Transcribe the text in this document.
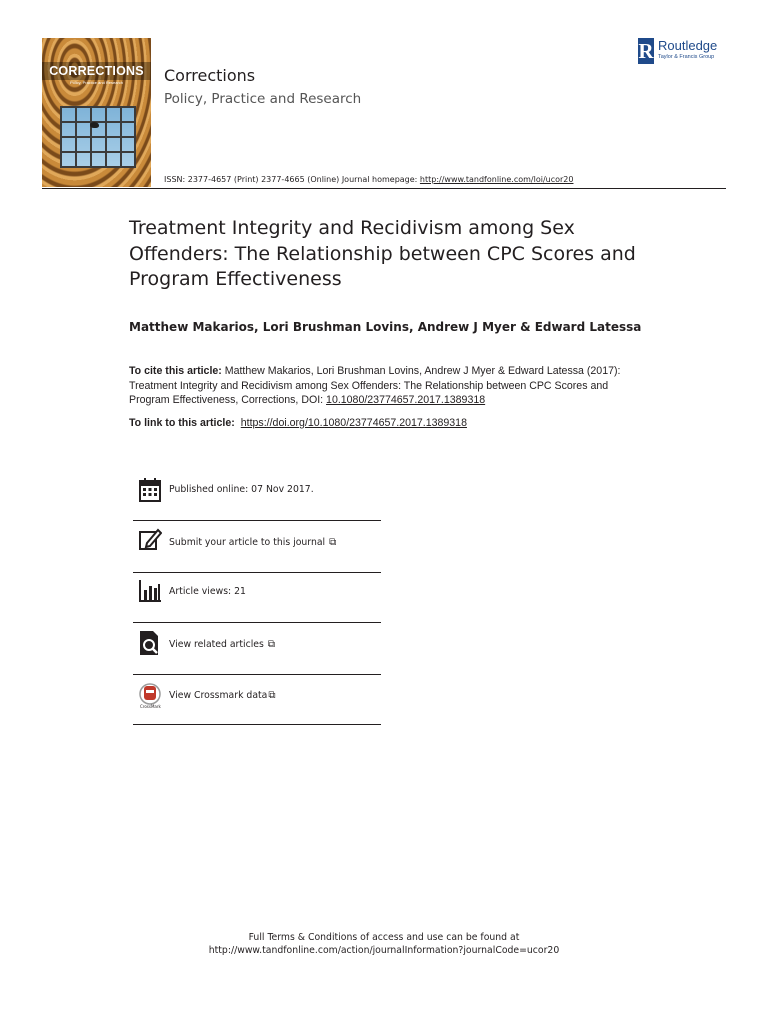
CORRECTIONS
Policy, Practice and Research	Corrections
Policy, Practice and Research
R Routledge
Taylor & Francis Group
ISSN: 2377-4657 (Print) 2377-4665 (Online) Journal homepage: http://www.tandfonline.com/loi/ucor20
Treatment Integrity and Recidivism among Sex Offenders: The Relationship between CPC Scores and Program Effectiveness
Matthew Makarios, Lori Brushman Lovins, Andrew J Myer & Edward Latessa
To cite this article: Matthew Makarios, Lori Brushman Lovins, Andrew J Myer & Edward Latessa (2017): Treatment Integrity and Recidivism among Sex Offenders: The Relationship between CPC Scores and Program Effectiveness, Corrections, DOI: 10.1080/23774657.2017.1389318
To link to this article: https://doi.org/10.1080/23774657.2017.1389318
Published online: 07 Nov 2017.
Submit your article to this journal ⧉
Article views: 21
View related articles ⧉
CrossMark
View Crossmark data⧉
Full Terms & Conditions of access and use can be found at
http://www.tandfonline.com/action/journalInformation?journalCode=ucor20
